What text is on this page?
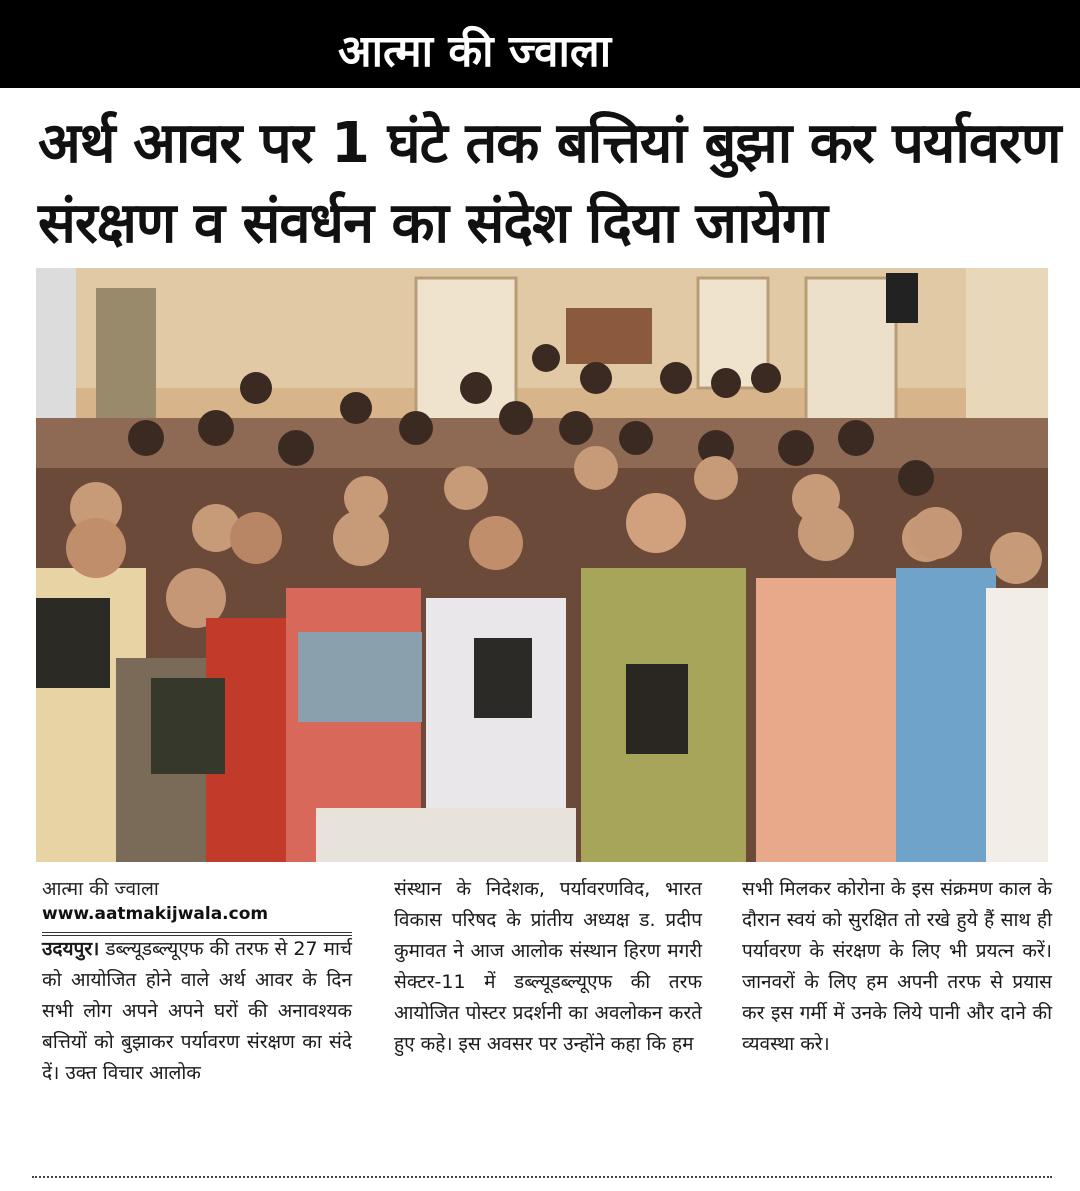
आत्मा की ज्वाला
अर्थ आवर पर 1 घंटे तक बत्तियां बुझा कर पर्यावरण
संरक्षण व संवर्धन का संदेश दिया जायेगा
आत्मा की ज्वाला
www.aatmakijwala.com

उदयपुर। डब्ल्यूडब्ल्यूएफ की तरफ से 27 मार्च को आयोजित होने वाले अर्थ आवर के दिन सभी लोग अपने अपने घरों की अनावश्यक बत्तियों को बुझाकर पर्यावरण संरक्षण का संदे दें। उक्त विचार आलोक

संस्थान के निदेशक, पर्यावरणविद, भारत विकास परिषद के प्रांतीय अध्यक्ष ड. प्रदीप कुमावत ने आज आलोक संस्थान हिरण मगरी सेक्टर-11 में डब्ल्यूडब्ल्यूएफ की तरफ आयोजित पोस्टर प्रदर्शनी का अवलोकन करते हुए कहे। इस अवसर पर उन्होंने कहा कि हम

सभी मिलकर कोरोना के इस संक्रमण काल के दौरान स्वयं को सुरक्षित तो रखे हुये हैं साथ ही पर्यावरण के संरक्षण के लिए भी प्रयत्न करें। जानवरों के लिए हम अपनी तरफ से प्रयास कर इस गर्मी में उनके लिये पानी और दाने की व्यवस्था करे।
